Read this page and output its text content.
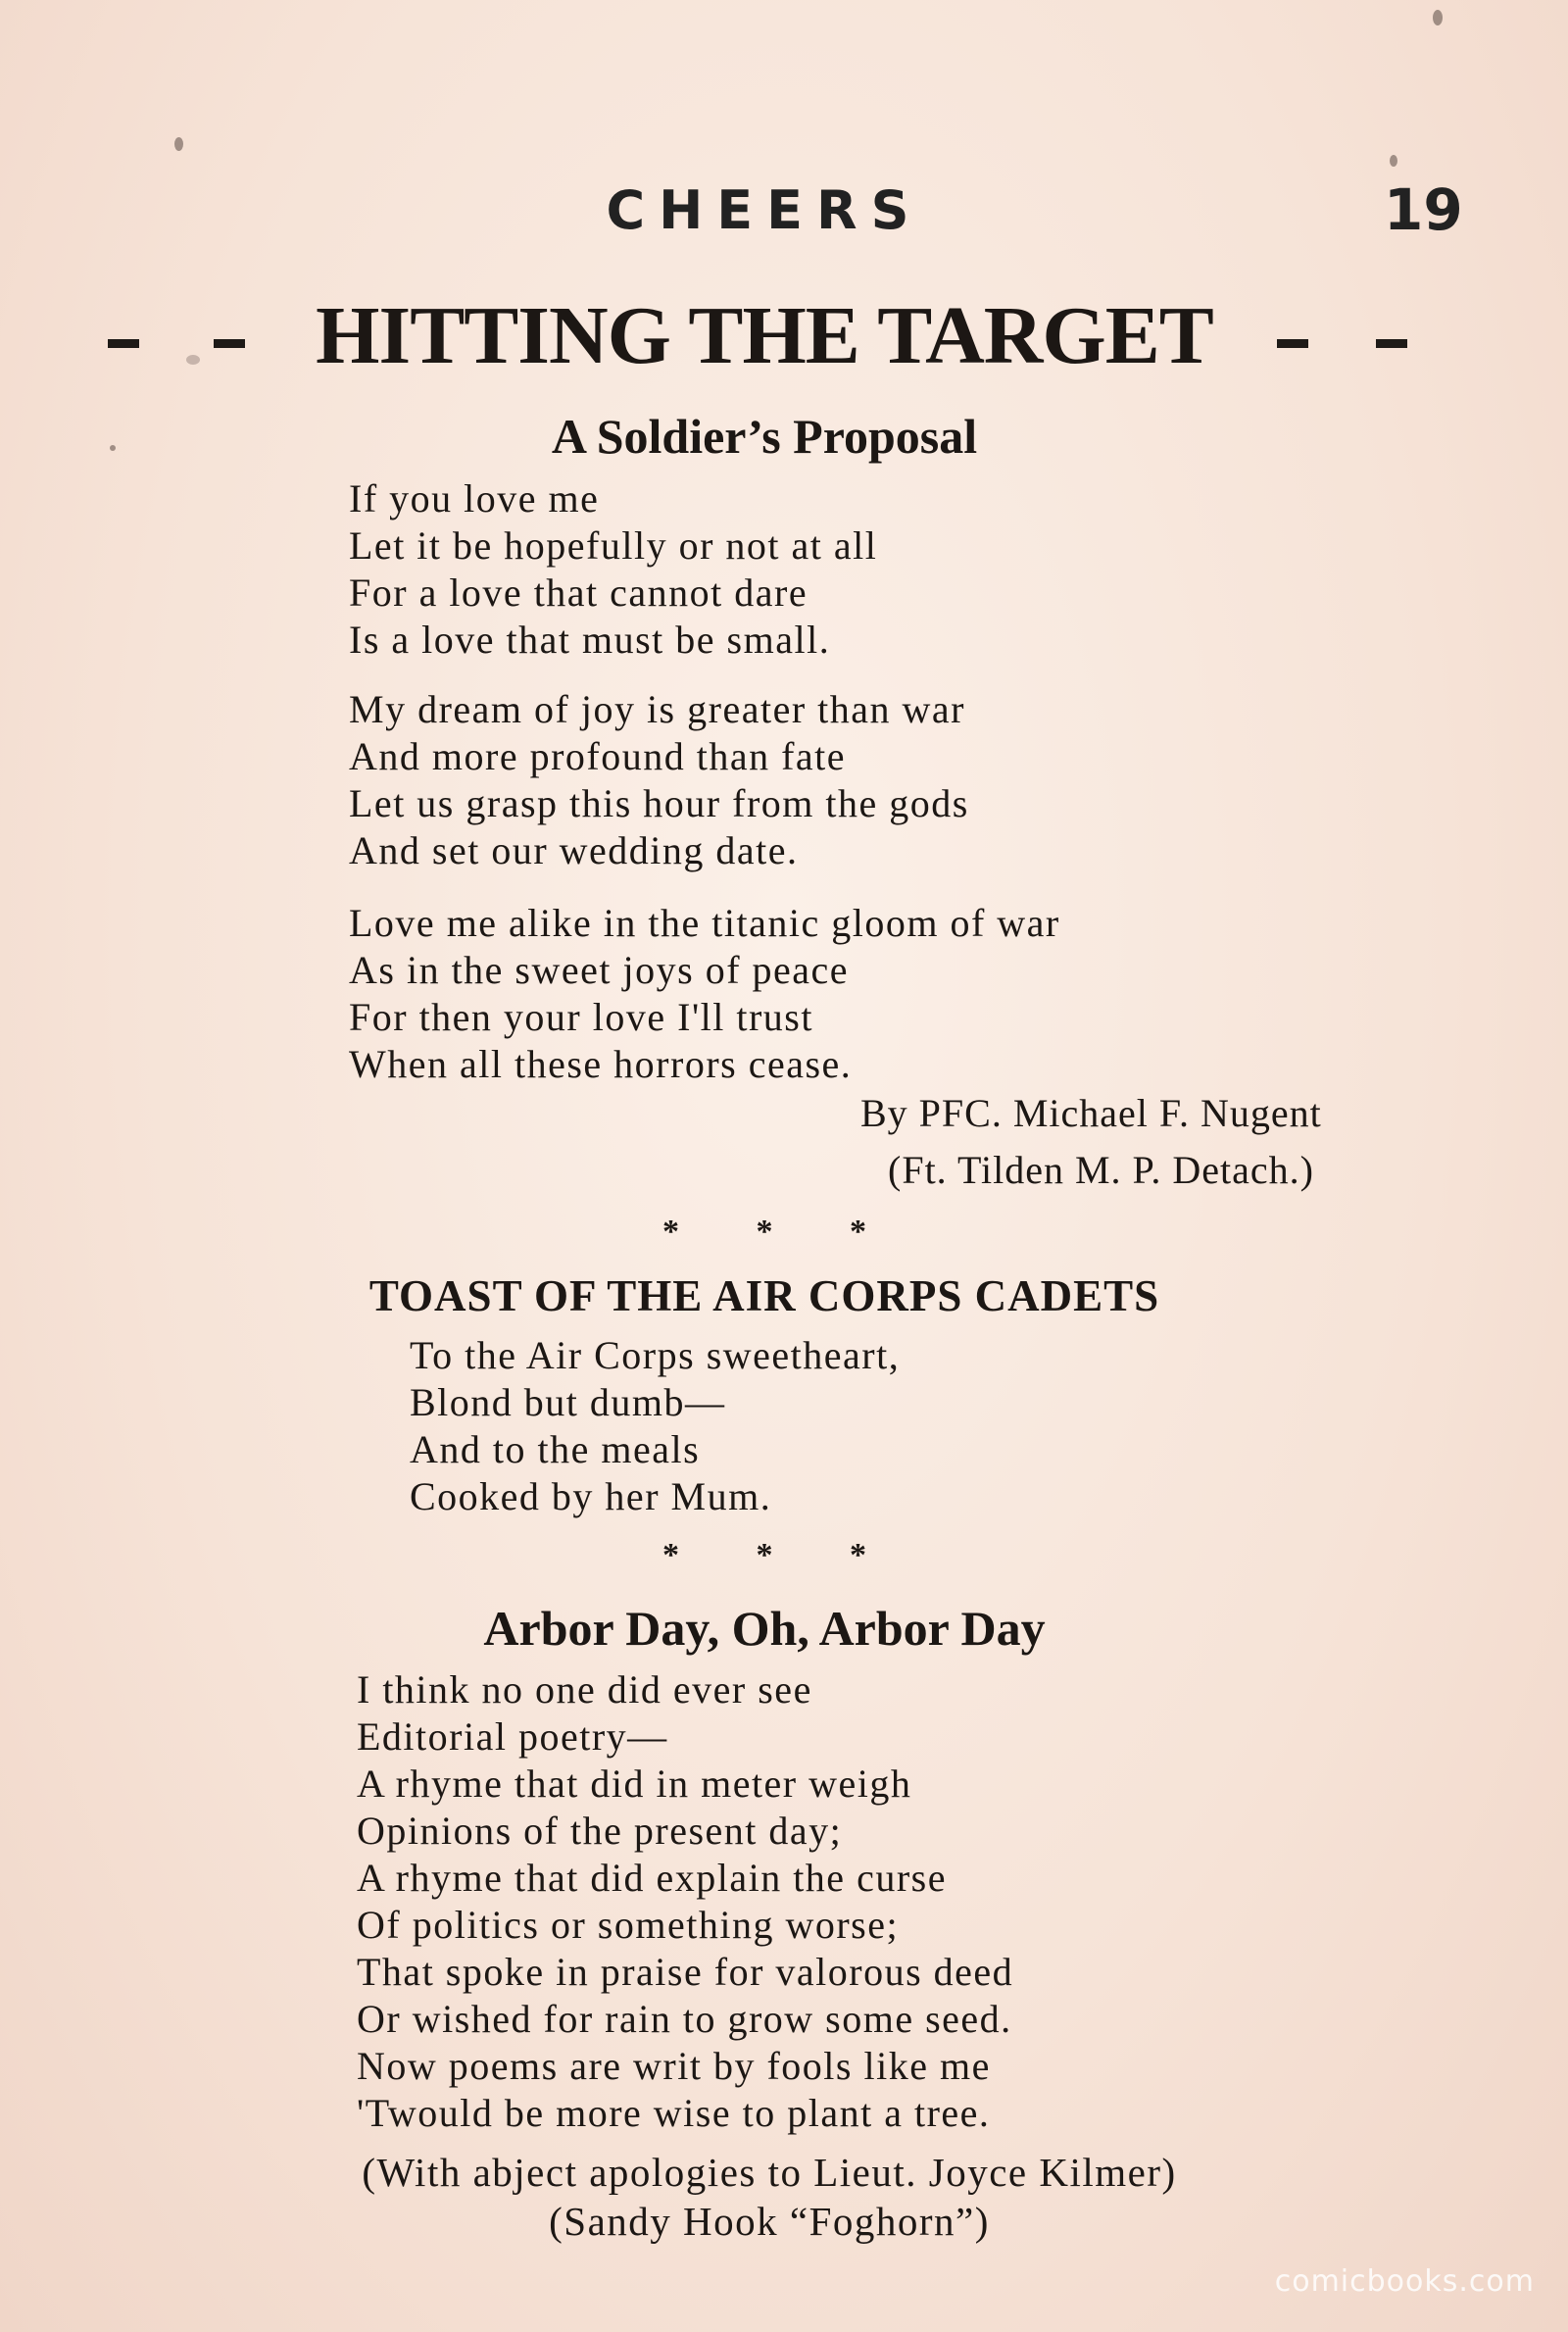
CHEERS	19
HITTING THE TARGET
A Soldier’s Proposal
If you love me
Let it be hopefully or not at all
For a love that cannot dare
Is a love that must be small.
My dream of joy is greater than war
And more profound than fate
Let us grasp this hour from the gods
And set our wedding date.
Love me alike in the titanic gloom of war
As in the sweet joys of peace
For then your love I'll trust
When all these horrors cease.
By PFC. Michael F. Nugent
(Ft. Tilden M. P. Detach.)
* * *
TOAST OF THE AIR CORPS CADETS
To the Air Corps sweetheart,
Blond but dumb—
And to the meals
Cooked by her Mum.
* * *
Arbor Day, Oh, Arbor Day
I think no one did ever see
Editorial poetry—
A rhyme that did in meter weigh
Opinions of the present day;
A rhyme that did explain the curse
Of politics or something worse;
That spoke in praise for valorous deed
Or wished for rain to grow some seed.
Now poems are writ by fools like me
'Twould be more wise to plant a tree.
(With abject apologies to Lieut. Joyce Kilmer)
(Sandy Hook “Foghorn”)
comicbooks.com
